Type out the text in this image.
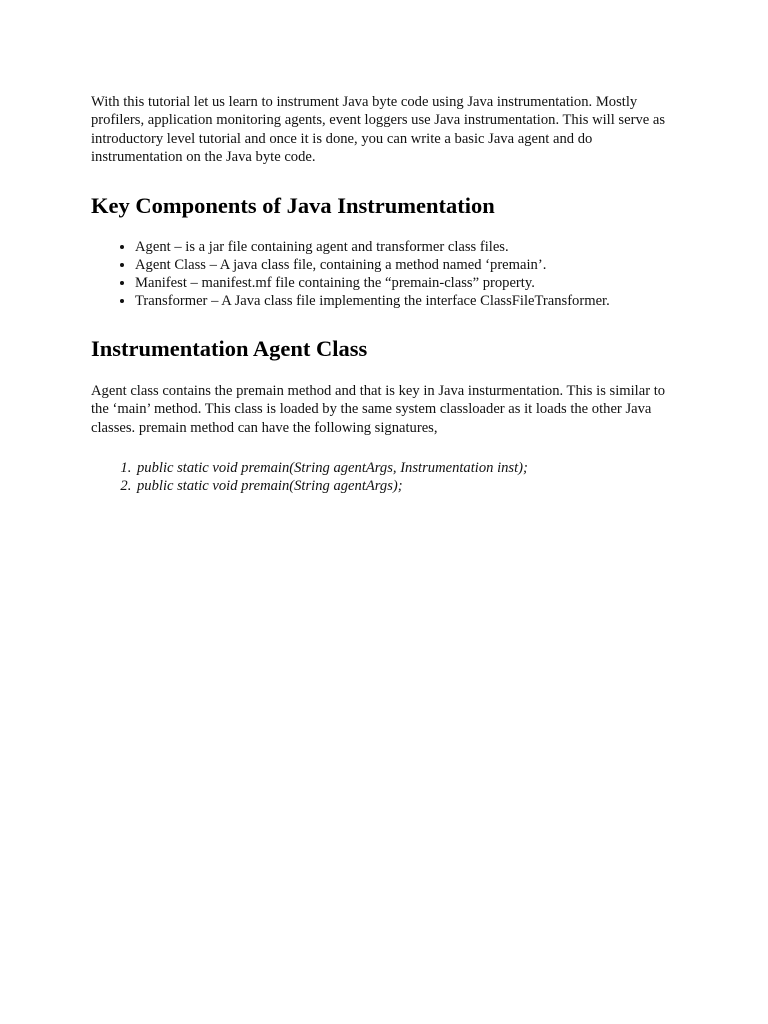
With this tutorial let us learn to instrument Java byte code using Java instrumentation. Mostly profilers, application monitoring agents, event loggers use Java instrumentation. This will serve as introductory level tutorial and once it is done, you can write a basic Java agent and do instrumentation on the Java byte code.

Key Components of Java Instrumentation
• Agent – is a jar file containing agent and transformer class files.
• Agent Class – A java class file, containing a method named ‘premain’.
• Manifest – manifest.mf file containing the “premain-class” property.
• Transformer – A Java class file implementing the interface ClassFileTransformer.
Instrumentation Agent Class

Agent class contains the premain method and that is key in Java insturmentation. This is similar to the ‘main’ method. This class is loaded by the same system classloader as it loads the other Java classes. premain method can have the following signatures,

1. public static void premain(String agentArgs, Instrumentation inst);
2. public static void premain(String agentArgs);
